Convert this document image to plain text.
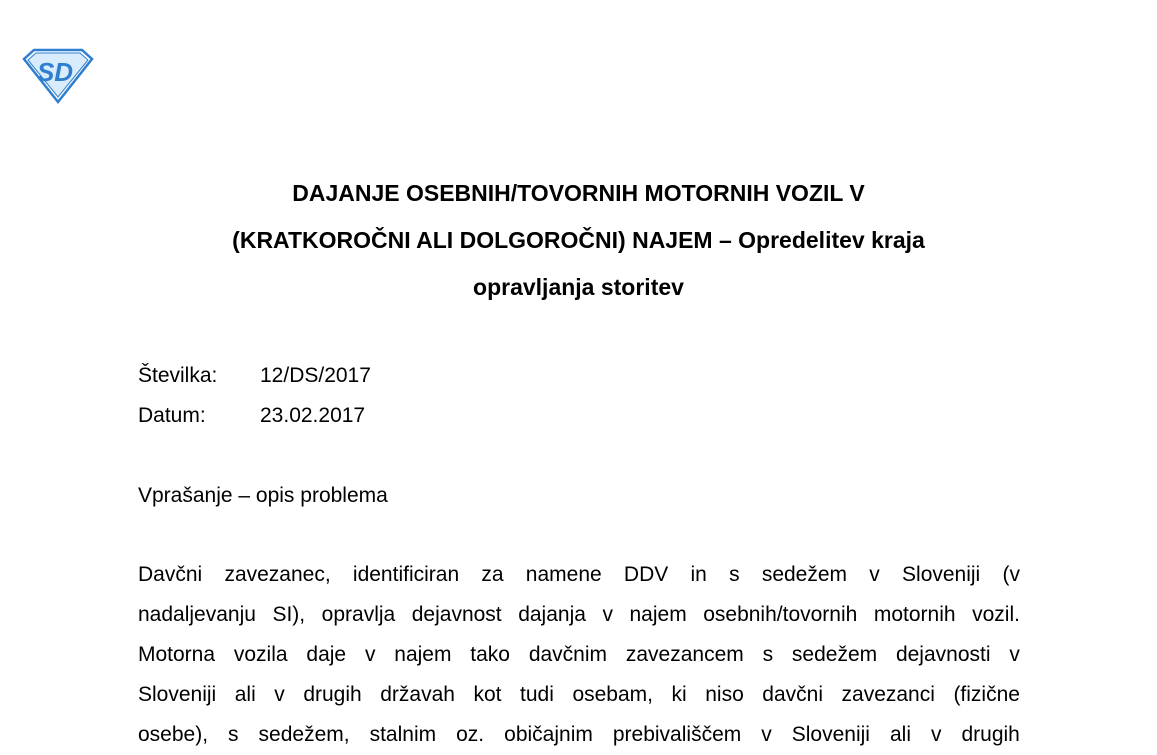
SD
DAJANJE OSEBNIH/TOVORNIH MOTORNIH VOZIL V
(KRATKOROČNI ALI DOLGOROČNI) NAJEM – Opredelitev kraja
opravljanja storitev
Številka:	12/DS/2017
Datum:	23.02.2017
Vprašanje – opis problema
Davčni zavezanec, identificiran za namene DDV in s sedežem v Sloveniji (v
nadaljevanju SI), opravlja dejavnost dajanja v najem osebnih/tovornih motornih vozil.
Motorna vozila daje v najem tako davčnim zavezancem s sedežem dejavnosti v
Sloveniji ali v drugih državah kot tudi osebam, ki niso davčni zavezanci (fizične
osebe), s sedežem, stalnim oz. običajnim prebivališčem v Sloveniji ali v drugih
